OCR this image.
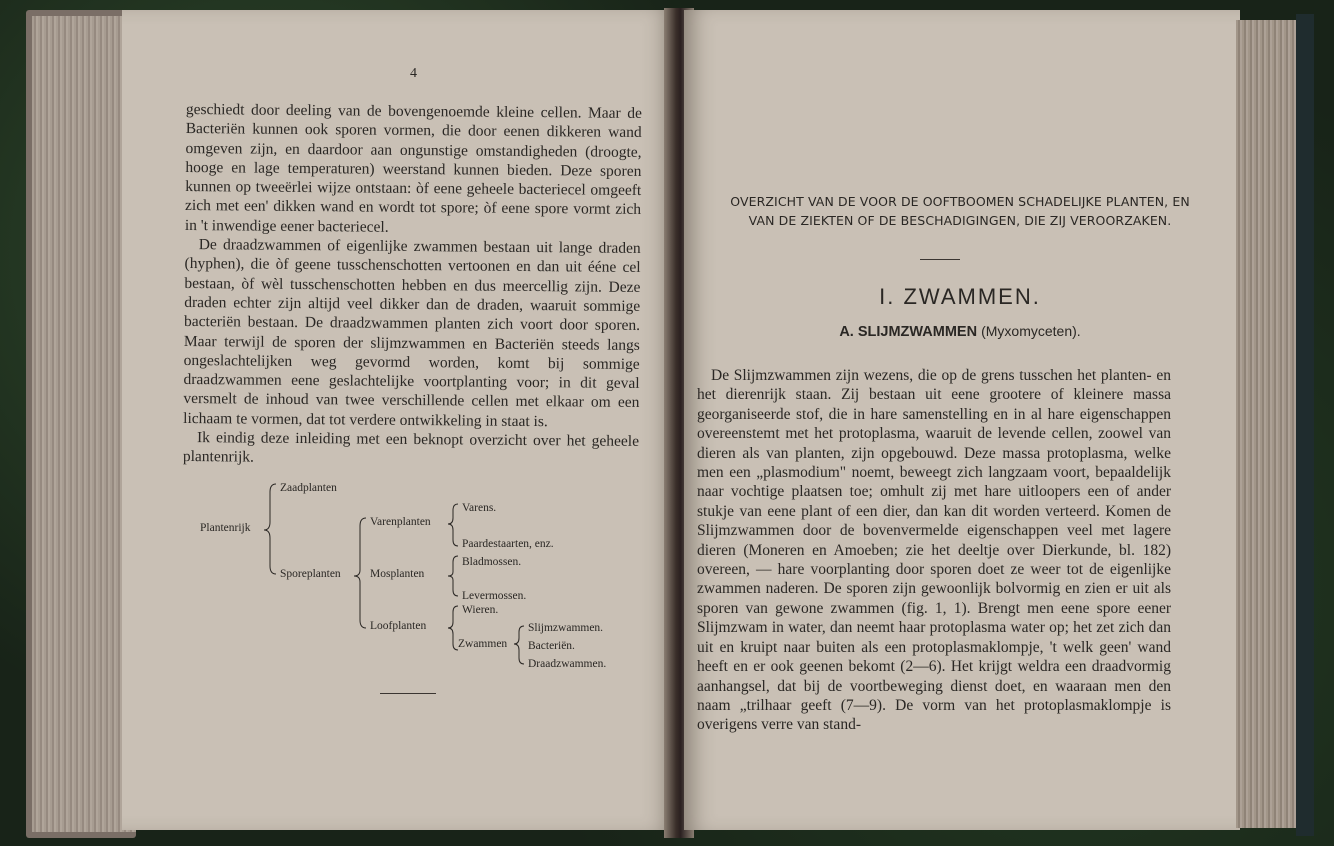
4

geschiedt door deeling van de bovengenoemde kleine cellen. Maar de Bacteriën kunnen ook sporen vormen, die door eenen dikkeren wand omgeven zijn, en daardoor aan ongunstige omstandigheden (droogte, hooge en lage temperaturen) weerstand kunnen bieden. Deze sporen kunnen op tweeërlei wijze ontstaan: òf eene geheele bacteriecel omgeeft zich met een' dikken wand en wordt tot spore; òf eene spore vormt zich in 't inwendige eener bacteriecel.

De draadzwammen of eigenlijke zwammen bestaan uit lange draden (hyphen), die òf geene tusschenschotten vertoonen en dan uit ééne cel bestaan, òf wèl tusschenschotten hebben en dus meercellig zijn. Deze draden echter zijn altijd veel dikker dan de draden, waaruit sommige bacteriën bestaan. De draadzwammen planten zich voort door sporen. Maar terwijl de sporen der slijmzwammen en Bacteriën steeds langs ongeslachtelijken weg gevormd worden, komt bij sommige draadzwammen eene geslachtelijke voortplanting voor; in dit geval versmelt de inhoud van twee verschillende cellen met elkaar om een lichaam te vormen, dat tot verdere ontwikkeling in staat is.

Ik eindig deze inleiding met een beknopt overzicht over het geheele plantenrijk.

Plantenrijk
Zaadplanten
Sporeplanten
Varenplanten
Mosplanten
Loofplanten
Varens.
Paardestaarten, enz.
Bladmossen.
Levermossen.
Wieren.
Zwammen
Slijmzwammen.
Bacteriën.
Draadzwammen.
OVERZICHT VAN DE VOOR DE OOFTBOOMEN SCHADELIJKE PLANTEN, EN
VAN DE ZIEKTEN OF DE BESCHADIGINGEN, DIE ZIJ VEROORZAKEN.
I. ZWAMMEN.
A. SLIJMZWAMMEN (Myxomyceten).

De Slijmzwammen zijn wezens, die op de grens tusschen het planten- en het dierenrijk staan. Zij bestaan uit eene grootere of kleinere massa georganiseerde stof, die in hare samenstelling en in al hare eigenschappen overeenstemt met het protoplasma, waaruit de levende cellen, zoowel van dieren als van planten, zijn opgebouwd. Deze massa protoplasma, welke men een „plasmodium" noemt, beweegt zich langzaam voort, bepaaldelijk naar vochtige plaatsen toe; omhult zij met hare uitloopers een of ander stukje van eene plant of een dier, dan kan dit worden verteerd. Komen de Slijmzwammen door de bovenvermelde eigenschappen veel met lagere dieren (Moneren en Amoeben; zie het deeltje over Dierkunde, bl. 182) overeen, — hare voorplanting door sporen doet ze weer tot de eigenlijke zwammen naderen. De sporen zijn gewoonlijk bolvormig en zien er uit als sporen van gewone zwammen (fig. 1, 1). Brengt men eene spore eener Slijmzwam in water, dan neemt haar protoplasma water op; het zet zich dan uit en kruipt naar buiten als een protoplasmaklompje, 't welk geen' wand heeft en er ook geenen bekomt (2—6). Het krijgt weldra een draadvormig aanhangsel, dat bij de voortbeweging dienst doet, en waaraan men den naam „trilhaar geeft (7—9). De vorm van het protoplasmaklompje is overigens verre van stand-
